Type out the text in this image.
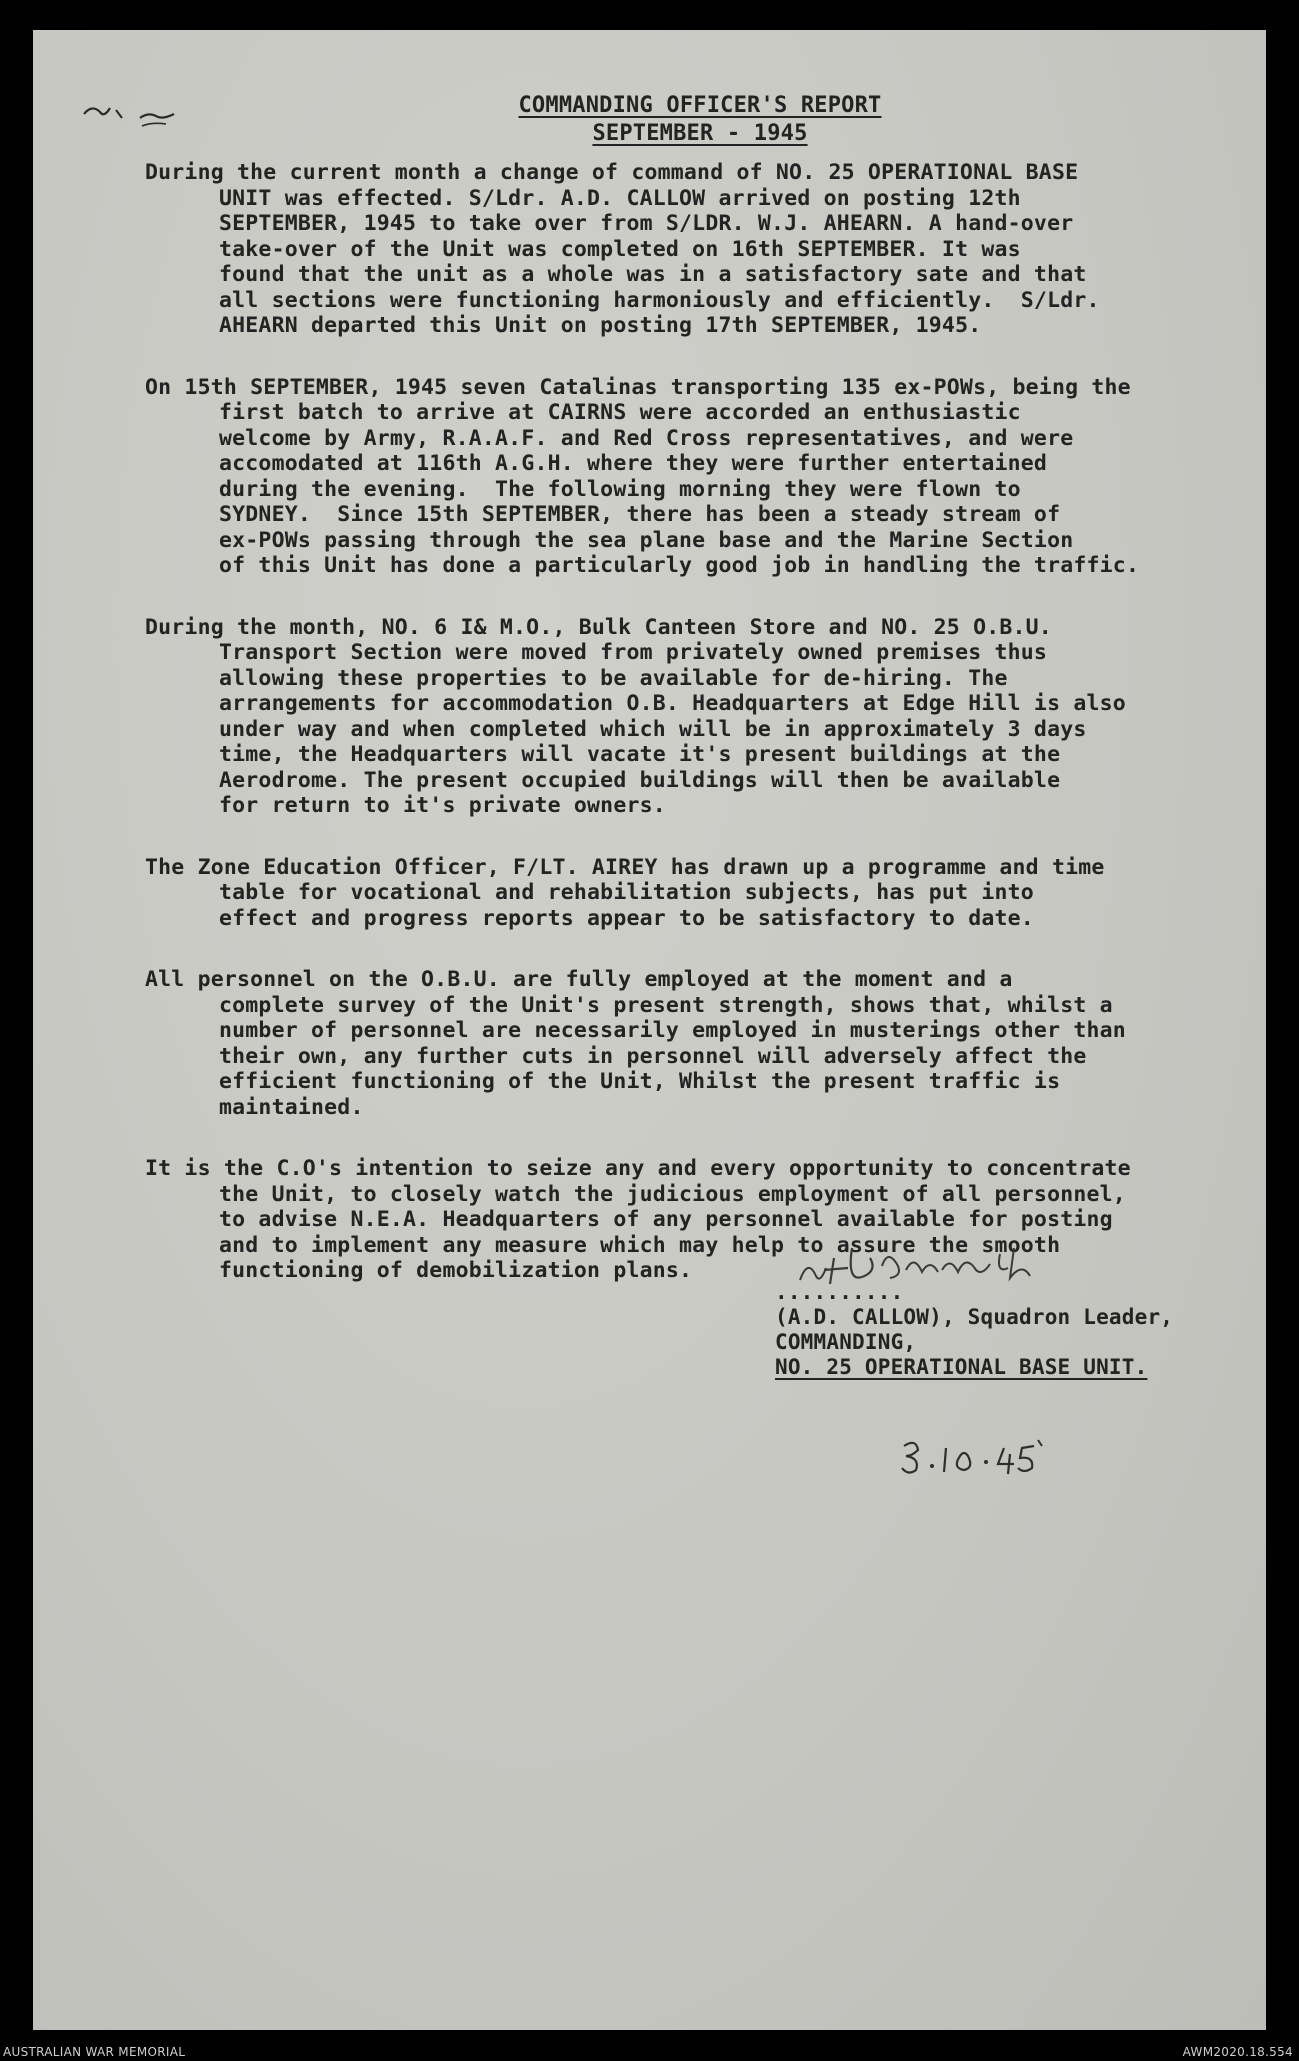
COMMANDING OFFICER'S REPORT
SEPTEMBER - 1945
During the current month a change of command of NO. 25 OPERATIONAL BASE
UNIT was effected. S/Ldr. A.D. CALLOW arrived on posting 12th
SEPTEMBER, 1945 to take over from S/LDR. W.J. AHEARN. A hand-over
take-over of the Unit was completed on 16th SEPTEMBER. It was
found that the unit as a whole was in a satisfactory sate and that
all sections were functioning harmoniously and efficiently.  S/Ldr.
AHEARN departed this Unit on posting 17th SEPTEMBER, 1945.
On 15th SEPTEMBER, 1945 seven Catalinas transporting 135 ex-POWs, being the
first batch to arrive at CAIRNS were accorded an enthusiastic
welcome by Army, R.A.A.F. and Red Cross representatives, and were
accomodated at 116th A.G.H. where they were further entertained
during the evening.  The following morning they were flown to
SYDNEY.  Since 15th SEPTEMBER, there has been a steady stream of
ex-POWs passing through the sea plane base and the Marine Section
of this Unit has done a particularly good job in handling the traffic.
During the month, NO. 6 I& M.O., Bulk Canteen Store and NO. 25 O.B.U.
Transport Section were moved from privately owned premises thus
allowing these properties to be available for de-hiring. The
arrangements for accommodation O.B. Headquarters at Edge Hill is also
under way and when completed which will be in approximately 3 days
time, the Headquarters will vacate it's present buildings at the
Aerodrome. The present occupied buildings will then be available
for return to it's private owners.
The Zone Education Officer, F/LT. AIREY has drawn up a programme and time
table for vocational and rehabilitation subjects, has put into
effect and progress reports appear to be satisfactory to date.
All personnel on the O.B.U. are fully employed at the moment and a
complete survey of the Unit's present strength, shows that, whilst a
number of personnel are necessarily employed in musterings other than
their own, any further cuts in personnel will adversely affect the
efficient functioning of the Unit, Whilst the present traffic is
maintained.
It is the C.O's intention to seize any and every opportunity to concentrate
the Unit, to closely watch the judicious employment of all personnel,
to advise N.E.A. Headquarters of any personnel available for posting
and to implement any measure which may help to assure the smooth
functioning of demobilization plans.
..........
(A.D. CALLOW), Squadron Leader,
COMMANDING,
NO. 25 OPERATIONAL BASE UNIT.
AUSTRALIAN WAR MEMORIAL	AWM2020.18.554
